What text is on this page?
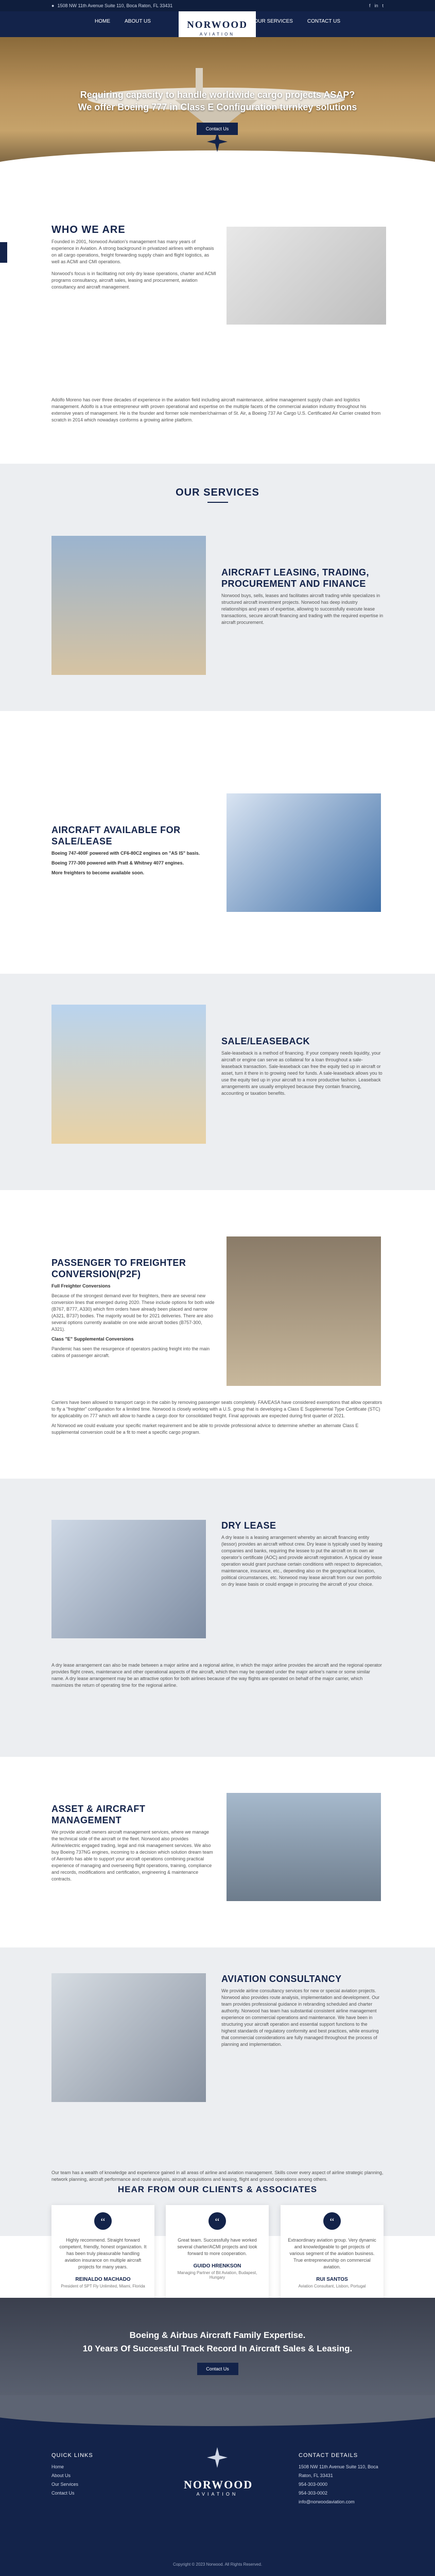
● 1508 NW 11th Avenue Suite 110, Boca Raton, FL 33431	f in t
HOME	ABOUT US	NORWOOD
AVIATION
OUR SERVICES	CONTACT US
Requiring capacity to handle worldwide cargo projects ASAP?
We offer Boeing 777 in Class E Configuration turnkey solutions
Contact Us
WHO WE ARE

Founded in 2001, Norwood Aviation's management has many years of experience in Aviation. A strong background in privatized airlines with emphasis on all cargo operations, freight forwarding supply chain and flight logistics, as well as ACMI and CMI operations.

Norwood's focus is in facilitating not only dry lease operations, charter and ACMI programs consultancy, aircraft sales, leasing and procurement, aviation consultancy and aircraft management.

Adolfo Moreno has over three decades of experience in the aviation field including aircraft maintenance, airline management supply chain and logistics management. Adolfo is a true entrepreneur with proven operational and expertise on the multiple facets of the commercial aviation industry throughout his extensive years of management. He is the founder and former sole member/chairman of St. Air, a Boeing 737 Air Cargo U.S. Certificated Air Carrier created from scratch in 2014 which nowadays conforms a growing airline platform.
OUR SERVICES
AIRCRAFT LEASING, TRADING, PROCUREMENT AND FINANCE

Norwood buys, sells, leases and facilitates aircraft trading while specializes in structured aircraft investment projects. Norwood has deep industry relationships and years of expertise, allowing to successfully execute lease transactions, secure aircraft financing and trading with the required expertise in aircraft procurement.

AIRCRAFT AVAILABLE FOR SALE/LEASE

Boeing 747-400F powered with CF6-80C2 engines on "AS IS" basis.

Boeing 777-300 powered with Pratt & Whitney 4077 engines.

More freighters to become available soon.

SALE/LEASEBACK

Sale-leaseback is a method of financing. If your company needs liquidity, your aircraft or engine can serve as collateral for a loan throughout a sale-leaseback transaction. Sale-leaseback can free the equity tied up in aircraft or asset, turn it there in to growing need for funds. A sale-leaseback allows you to use the equity tied up in your aircraft to a more productive fashion. Leaseback arrangements are usually employed because they contain financing, accounting or taxation benefits.

PASSENGER TO FREIGHTER CONVERSION(P2F)

Full Freighter Conversions

Because of the strongest demand ever for freighters, there are several new conversion lines that emerged during 2020. These include options for both wide (B767, B777, A330) which firm orders have already been placed and narrow (A321, B737) bodies. The majority would be for 2021 deliveries. There are also several options currently available on one wide aircraft bodies (B757-300, A321).

Class "E" Supplemental Conversions

Pandemic has seen the resurgence of operators packing freight into the main cabins of passenger aircraft.

Carriers have been allowed to transport cargo in the cabin by removing passenger seats completely. FAA/EASA have considered exemptions that allow operators to fly a "freighter" configuration for a limited time. Norwood is closely working with a U.S. group that is developing a Class E Supplemental Type Certificate (STC) for applicability on 777 which will allow to handle a cargo door for consolidated freight. Final approvals are expected during first quarter of 2021.

At Norwood we could evaluate your specific market requirement and be able to provide professional advice to determine whether an alternate Class E supplemental conversion could be a fit to meet a specific cargo program.

DRY LEASE

A dry lease is a leasing arrangement whereby an aircraft financing entity (lessor) provides an aircraft without crew. Dry lease is typically used by leasing companies and banks, requiring the lessee to put the aircraft on its own air operator's certificate (AOC) and provide aircraft registration. A typical dry lease operation would grant purchase certain conditions with respect to depreciation, maintenance, insurance, etc., depending also on the geographical location, political circumstances, etc. Norwood may lease aircraft from our own portfolio on dry lease basis or could engage in procuring the aircraft of your choice.

A dry lease arrangement can also be made between a major airline and a regional airline, in which the major airline provides the aircraft and the regional operator provides flight crews, maintenance and other operational aspects of the aircraft, which then may be operated under the major airline's name or some similar name. A dry lease arrangement may be an attractive option for both airlines because of the way flights are operated on behalf of the major carrier, which maximizes the return of operating time for the regional airline.

ASSET & AIRCRAFT MANAGEMENT

We provide aircraft owners aircraft management services, where we manage the technical side of the aircraft or the fleet. Norwood also provides Airline/electric engaged trading, legal and risk management services. We also buy Boeing 737NG engines, incoming to a decision which solution dream team of Aeroinfo has able to support your aircraft operations combining practical experience of managing and overseeing flight operations, training, compliance and records, modifications and certification, engineering & maintenance contracts.

AVIATION CONSULTANCY

We provide airline consultancy services for new or special aviation projects. Norwood also provides route analysis, implementation and development. Our team provides professional guidance in rebranding scheduled and charter authority. Norwood has team has substantial consistent airline management experience on commercial operations and maintenance. We have been in structuring your aircraft operation and essential support functions to the highest standards of regulatory conformity and best practices, while ensuring that commercial considerations are fully managed throughout the process of planning and implementation.

Our team has a wealth of knowledge and experience gained in all areas of airline and aviation management. Skills cover every aspect of airline strategic planning, network planning, aircraft performance and route analysis, aircraft acquisitions and leasing, flight and ground operations among others.

HEAR FROM OUR CLIENTS & ASSOCIATES
“
Highly recommend. Straight forward competent, friendly, honest organization. It has been truly pleasurable handling aviation insurance on multiple aircraft projects for many years.
REINALDO MACHADO
President of SPT Fly Unlimited, Miami, Florida
“
Great team. Successfully have worked several charter/ACMI projects and look forward to more cooperation.
GUIDO HRENKSON
Managing Partner of Bit Aviation, Budapest, Hungary
“
Extraordinary aviation group. Very dynamic and knowledgeable to get projects of various segment of the aviation business. True entrepreneurship on commercial aviation.
RUI SANTOS
Aviation Consultant, Lisbon, Portugal
Boeing & Airbus Aircraft Family Expertise.
10 Years Of Successful Track Record In Aircraft Sales & Leasing.
Contact Us
QUICK LINKS
Home
About Us
Our Services
Contact Us
NORWOOD
AVIATION
CONTACT DETAILS
1508 NW 11th Avenue Suite 110, Boca Raton, FL 33431
954-303-0000
954-303-0002
info@norwoodaviation.com
Copyright © 2023 Norwood. All Rights Reserved.
